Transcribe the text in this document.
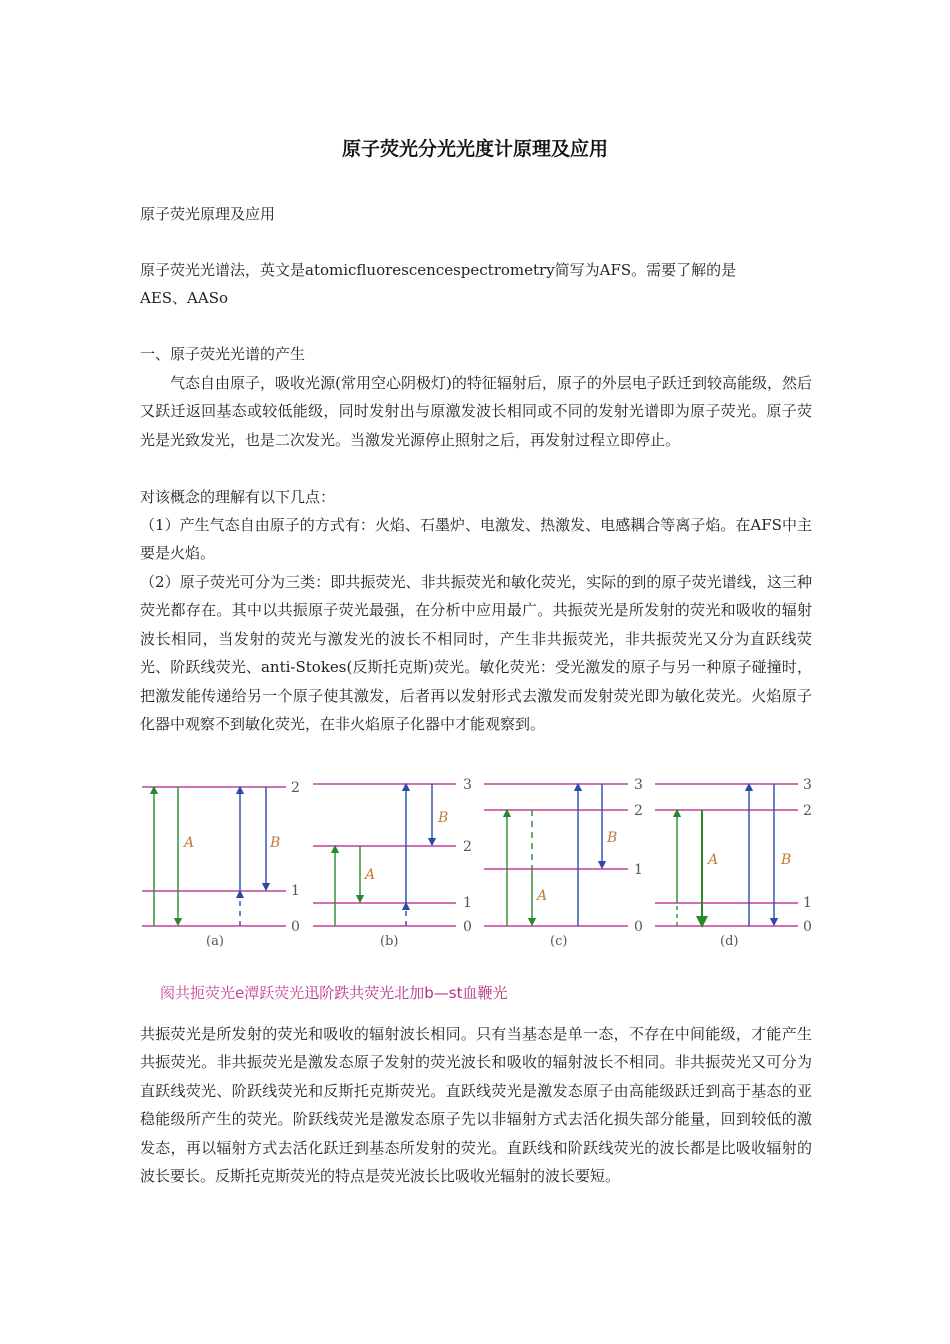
原子荧光分光光度计原理及应用
原子荧光原理及应用
原子荧光光谱法，英文是atomicfluorescencespectrometry简写为AFS。需要了解的是
AES、AASo
一、原子荧光光谱的产生
气态自由原子，吸收光源(常用空心阴极灯)的特征辐射后，原子的外层电子跃迁到较高能级，然后又跃迁返回基态或较低能级，同时发射出与原激发波长相同或不同的发射光谱即为原子荧光。原子荧光是光致发光，也是二次发光。当激发光源停止照射之后，再发射过程立即停止。
对该概念的理解有以下几点：
（1）产生气态自由原子的方式有：火焰、石墨炉、电激发、热激发、电感耦合等离子焰。在AFS中主要是火焰。
（2）原子荧光可分为三类：即共振荧光、非共振荧光和敏化荧光，实际的到的原子荧光谱线，这三种荧光都存在。其中以共振原子荧光最强，在分析中应用最广。共振荧光是所发射的荧光和吸收的辐射波长相同，当发射的荧光与激发光的波长不相同时，产生非共振荧光，非共振荧光又分为直跃线荧光、阶跃线荧光、anti-Stokes(反斯托克斯)荧光。敏化荧光：受光激发的原子与另一种原子碰撞时，把激发能传递给另一个原子使其激发，后者再以发射形式去激发而发射荧光即为敏化荧光。火焰原子化器中观察不到敏化荧光，在非火焰原子化器中才能观察到。
A	B
2
1
0
(a)
A
B
3
2
1
0
(b)
A
B
3
2
1
0
(c)
A	B
3
2
1
0
(d)
阂共扼荧光e潭跃荧光迅阶跌共荧光北加b—st血鞭光
共振荧光是所发射的荧光和吸收的辐射波长相同。只有当基态是单一态，不存在中间能级，才能产生共振荧光。非共振荧光是激发态原子发射的荧光波长和吸收的辐射波长不相同。非共振荧光又可分为直跃线荧光、阶跃线荧光和反斯托克斯荧光。直跃线荧光是激发态原子由高能级跃迁到高于基态的亚稳能级所产生的荧光。阶跃线荧光是激发态原子先以非辐射方式去活化损失部分能量，回到较低的激发态，再以辐射方式去活化跃迁到基态所发射的荧光。直跃线和阶跃线荧光的波长都是比吸收辐射的波长要长。反斯托克斯荧光的特点是荧光波长比吸收光辐射的波长要短。
